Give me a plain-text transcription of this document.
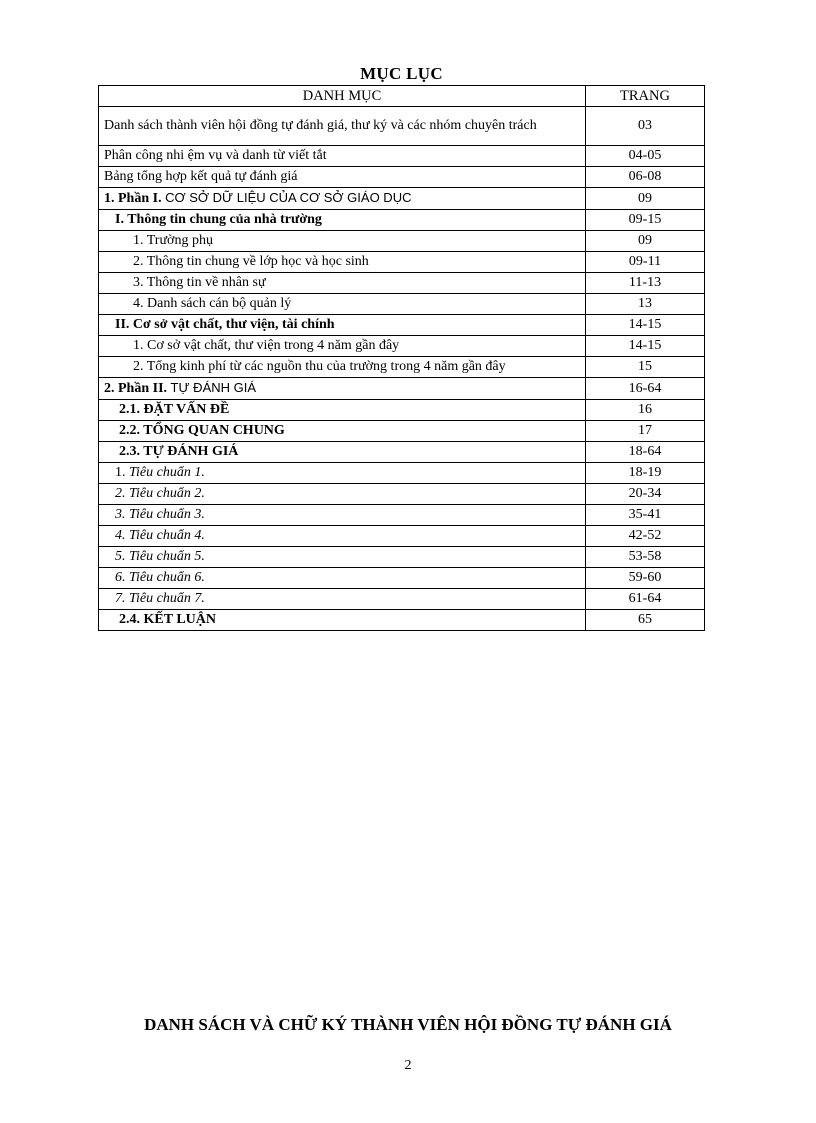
MỤC LỤC
DANH MỤC	TRANG
Danh sách thành viên hội đồng tự đánh giá, thư ký và các nhóm chuyên trách	03
Phân công nhi ệm vụ và danh từ viết tắt	04-05
Bảng tổng hợp kết quả tự đánh giá	06-08
1. Phần I. CƠ SỞ DỮ LIỆU CỦA CƠ SỞ GIÁO DỤC	09
I. Thông tin chung của nhà trường	09-15
1. Trường phụ	09
2. Thông tin chung về lớp học và học sinh	09-11
3. Thông tin về nhân sự	11-13
4. Danh sách cán bộ quản lý	13
II. Cơ sở vật chất, thư viện, tài chính	14-15
1. Cơ sở vật chất, thư viện trong 4 năm gần đây	14-15
2. Tổng kinh phí từ các nguồn thu của trường trong 4 năm gần đây	15
2. Phần II. TỰ ĐÁNH GIÁ	16-64
2.1. ĐẶT VẤN ĐỀ	16
2.2. TỔNG QUAN CHUNG	17
2.3. TỰ ĐÁNH GIÁ	18-64
1. Tiêu chuẩn 1.	18-19
2. Tiêu chuẩn 2.	20-34
3. Tiêu chuẩn 3.	35-41
4. Tiêu chuẩn 4.	42-52
5. Tiêu chuẩn 5.	53-58
6. Tiêu chuẩn 6.	59-60
7. Tiêu chuẩn 7.	61-64
2.4. KẾT LUẬN	65
DANH SÁCH VÀ CHỮ KÝ THÀNH VIÊN HỘI ĐỒNG TỰ ĐÁNH GIÁ
2
